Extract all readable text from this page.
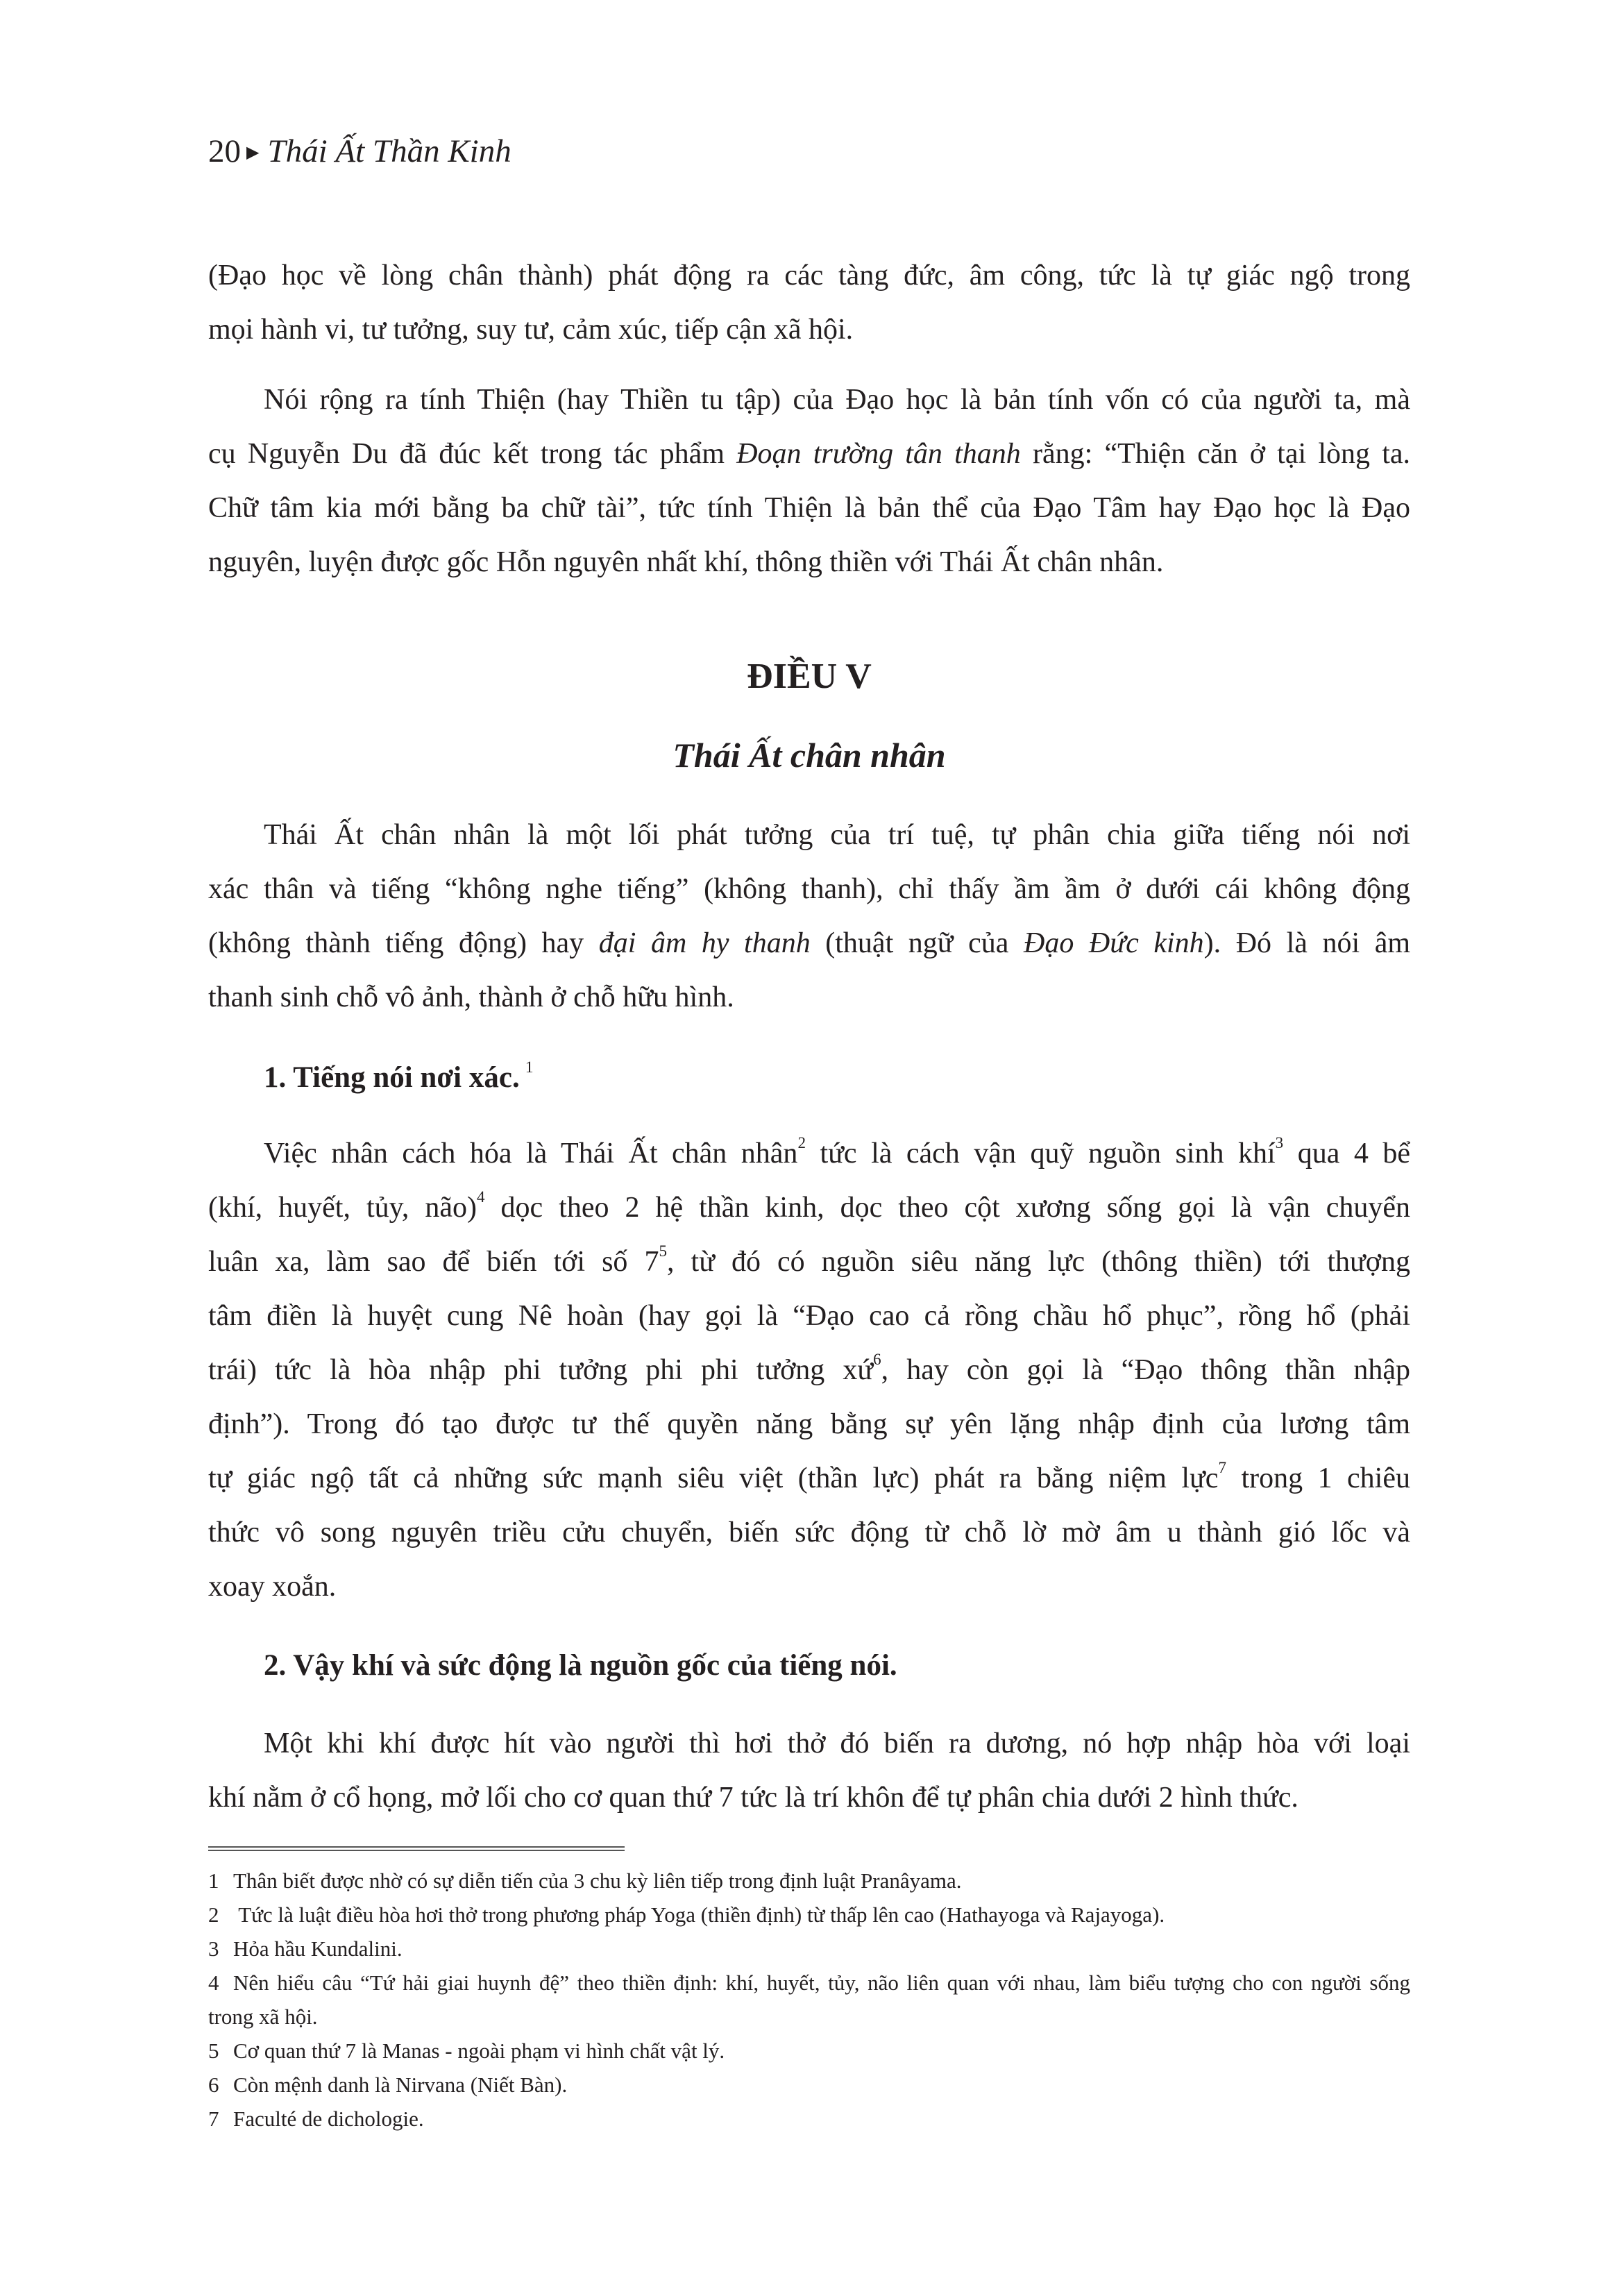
20 ▶ Thái Ất Thần Kinh
(Đạo học về lòng chân thành) phát động ra các tàng đức, âm công, tức là tự giác ngộ trong
mọi hành vi, tư tưởng, suy tư, cảm xúc, tiếp cận xã hội.
Nói rộng ra tính Thiện (hay Thiền tu tập) của Đạo học là bản tính vốn có của người ta, mà
cụ Nguyễn Du đã đúc kết trong tác phẩm Đoạn trường tân thanh rằng: “Thiện căn ở tại lòng ta.
Chữ tâm kia mới bằng ba chữ tài”, tức tính Thiện là bản thể của Đạo Tâm hay Đạo học là Đạo
nguyên, luyện được gốc Hỗn nguyên nhất khí, thông thiền với Thái Ất chân nhân.
ĐIỀU V
Thái Ất chân nhân
Thái Ất chân nhân là một lối phát tưởng của trí tuệ, tự phân chia giữa tiếng nói nơi
xác thân và tiếng “không nghe tiếng” (không thanh), chỉ thấy ầm ầm ở dưới cái không động
(không thành tiếng động) hay đại âm hy thanh (thuật ngữ của Đạo Đức kinh). Đó là nói âm
thanh sinh chỗ vô ảnh, thành ở chỗ hữu hình.
1. Tiếng nói nơi xác. $^1$
Việc nhân cách hóa là Thái Ất chân nhân$^2$ tức là cách vận quỹ nguồn sinh khí$^3$ qua 4 bể
(khí, huyết, tủy, não)$^4$ dọc theo 2 hệ thần kinh, dọc theo cột xương sống gọi là vận chuyển
luân xa, làm sao để biến tới số $7^5$, từ đó có nguồn siêu năng lực (thông thiền) tới thượng
tâm điền là huyệt cung Nê hoàn (hay gọi là “Đạo cao cả rồng chầu hổ phục”, rồng hổ (phải
trái) tức là hòa nhập phi tưởng phi phi tưởng xứ$^6$, hay còn gọi là “Đạo thông thần nhập
định”). Trong đó tạo được tư thế quyền năng bằng sự yên lặng nhập định của lương tâm
tự giác ngộ tất cả những sức mạnh siêu việt (thần lực) phát ra bằng niệm lực$^7$ trong 1 chiêu
thức vô song nguyên triều cửu chuyển, biến sức động từ chỗ lờ mờ âm u thành gió lốc và
xoay xoắn.
2. Vậy khí và sức động là nguồn gốc của tiếng nói.
Một khi khí được hít vào người thì hơi thở đó biến ra dương, nó hợp nhập hòa với loại
khí nằm ở cổ họng, mở lối cho cơ quan thứ 7 tức là trí khôn để tự phân chia dưới 2 hình thức.
1 Thân biết được nhờ có sự diễn tiến của 3 chu kỳ liên tiếp trong định luật Pranâyama.
2 Tức là luật điều hòa hơi thở trong phương pháp Yoga (thiền định) từ thấp lên cao (Hathayoga và Rajayoga).
3 Hỏa hầu Kundalini.
4 Nên hiểu câu “Tứ hải giai huynh đệ” theo thiền định: khí, huyết, tủy, não liên quan với nhau, làm biểu tượng cho con người sống
trong xã hội.
5 Cơ quan thứ 7 là Manas - ngoài phạm vi hình chất vật lý.
6 Còn mệnh danh là Nirvana (Niết Bàn).
7 Faculté de dichologie.
